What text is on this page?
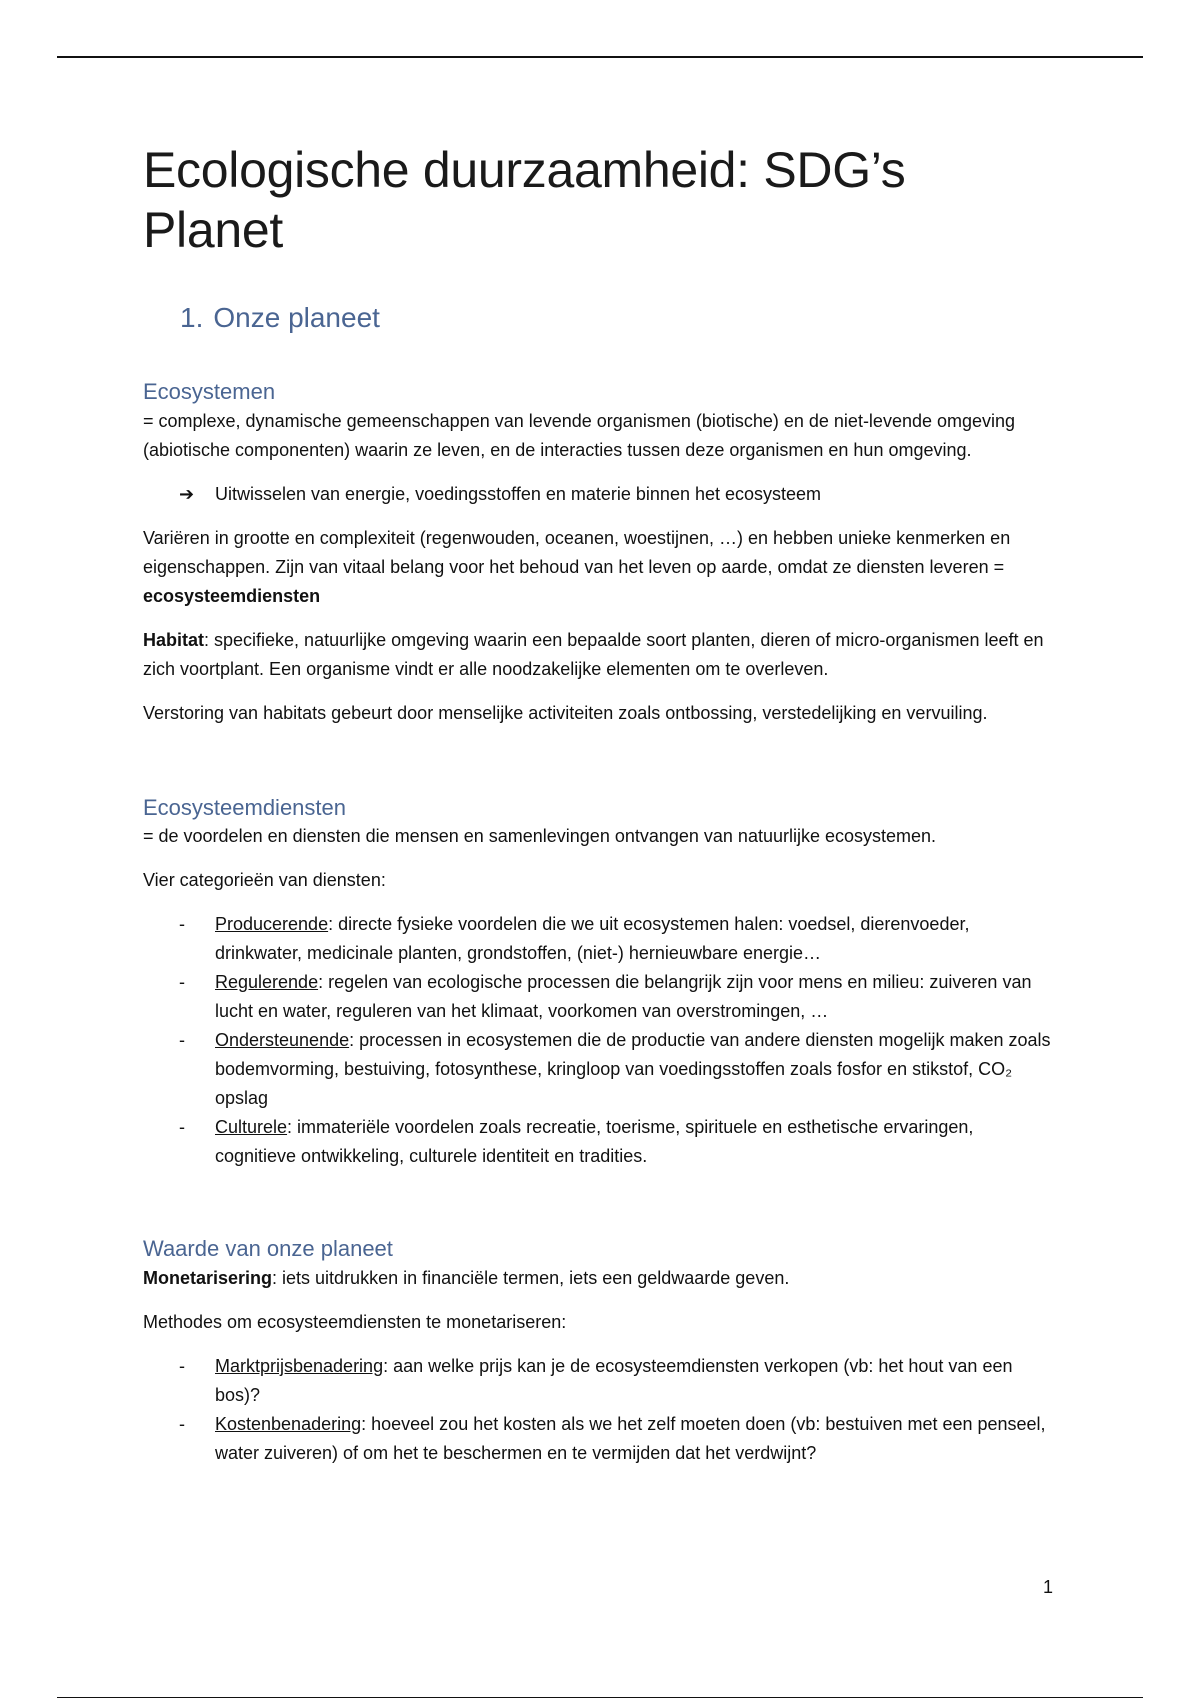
Ecologische duurzaamheid: SDG’s Planet
1. Onze planeet
Ecosystemen

= complexe, dynamische gemeenschappen van levende organismen (biotische) en de niet-levende omgeving (abiotische componenten) waarin ze leven, en de interacties tussen deze organismen en hun omgeving.

➔ Uitwisselen van energie, voedingsstoffen en materie binnen het ecosysteem

Variëren in grootte en complexiteit (regenwouden, oceanen, woestijnen, …) en hebben unieke kenmerken en eigenschappen. Zijn van vitaal belang voor het behoud van het leven op aarde, omdat ze diensten leveren = ecosysteemdiensten

Habitat: specifieke, natuurlijke omgeving waarin een bepaalde soort planten, dieren of micro-organismen leeft en zich voortplant. Een organisme vindt er alle noodzakelijke elementen om te overleven.

Verstoring van habitats gebeurt door menselijke activiteiten zoals ontbossing, verstedelijking en vervuiling.

Ecosysteemdiensten

= de voordelen en diensten die mensen en samenlevingen ontvangen van natuurlijke ecosystemen.

Vier categorieën van diensten:

- Producerende: directe fysieke voordelen die we uit ecosystemen halen: voedsel, dierenvoeder, drinkwater, medicinale planten, grondstoffen, (niet-) hernieuwbare energie…
- Regulerende: regelen van ecologische processen die belangrijk zijn voor mens en milieu: zuiveren van lucht en water, reguleren van het klimaat, voorkomen van overstromingen, …
- Ondersteunende: processen in ecosystemen die de productie van andere diensten mogelijk maken zoals bodemvorming, bestuiving, fotosynthese, kringloop van voedingsstoffen zoals fosfor en stikstof, CO₂ opslag
- Culturele: immateriële voordelen zoals recreatie, toerisme, spirituele en esthetische ervaringen, cognitieve ontwikkeling, culturele identiteit en tradities.
Waarde van onze planeet

Monetarisering: iets uitdrukken in financiële termen, iets een geldwaarde geven.

Methodes om ecosysteemdiensten te monetariseren:

- Marktprijsbenadering: aan welke prijs kan je de ecosysteemdiensten verkopen (vb: het hout van een bos)?
- Kostenbenadering: hoeveel zou het kosten als we het zelf moeten doen (vb: bestuiven met een penseel, water zuiveren) of om het te beschermen en te vermijden dat het verdwijnt?
1
